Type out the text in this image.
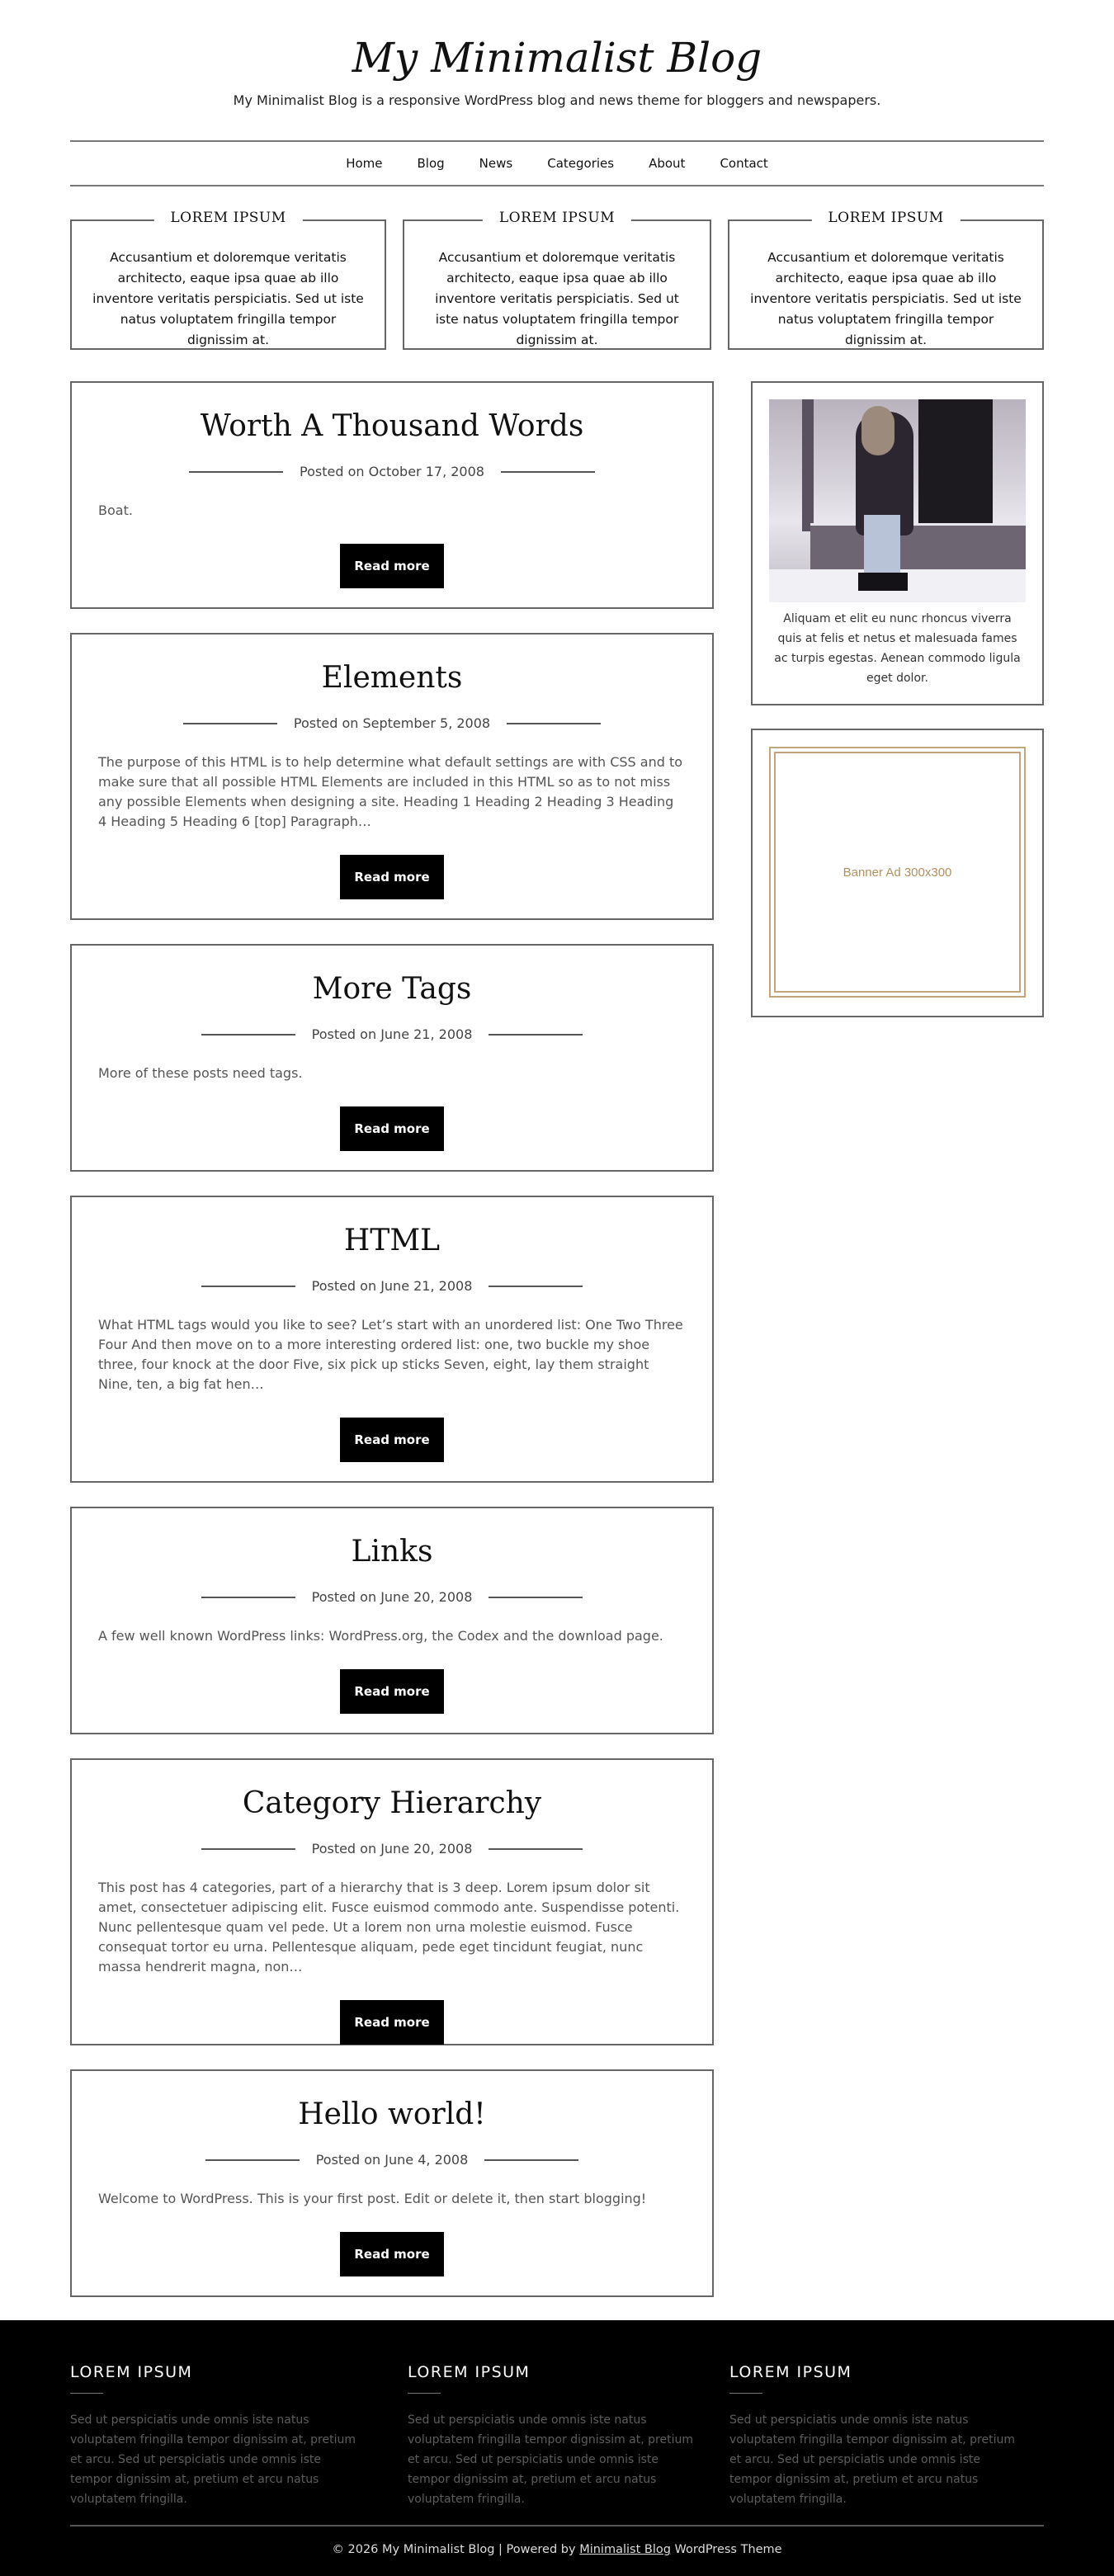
My Minimalist Blog

My Minimalist Blog is a responsive WordPress blog and news theme for bloggers and newspapers.

Home	Blog	News	Categories	About	Contact
LOREM IPSUM

Accusantium et doloremque veritatis architecto, eaque ipsa quae ab illo inventore veritatis perspiciatis. Sed ut iste natus voluptatem fringilla tempor dignissim at.

LOREM IPSUM

Accusantium et doloremque veritatis architecto, eaque ipsa quae ab illo inventore veritatis perspiciatis. Sed ut iste natus voluptatem fringilla tempor dignissim at.

LOREM IPSUM

Accusantium et doloremque veritatis architecto, eaque ipsa quae ab illo inventore veritatis perspiciatis. Sed ut iste natus voluptatem fringilla tempor dignissim at.

Worth A Thousand Words
Posted on October 17, 2008

Boat.

Read more
Elements
Posted on September 5, 2008

The purpose of this HTML is to help determine what default settings are with CSS and to make sure that all possible HTML Elements are included in this HTML so as to not miss any possible Elements when designing a site. Heading 1 Heading 2 Heading 3 Heading 4 Heading 5 Heading 6 [top] Paragraph…

Read more
More Tags
Posted on June 21, 2008

More of these posts need tags.

Read more
HTML
Posted on June 21, 2008

What HTML tags would you like to see? Let’s start with an unordered list: One Two Three Four And then move on to a more interesting ordered list: one, two buckle my shoe three, four knock at the door Five, six pick up sticks Seven, eight, lay them straight Nine, ten, a big fat hen…

Read more
Links
Posted on June 20, 2008

A few well known WordPress links: WordPress.org, the Codex and the download page.

Read more
Category Hierarchy
Posted on June 20, 2008

This post has 4 categories, part of a hierarchy that is 3 deep. Lorem ipsum dolor sit amet, consectetuer adipiscing elit. Fusce euismod commodo ante. Suspendisse potenti. Nunc pellentesque quam vel pede. Ut a lorem non urna molestie euismod. Fusce consequat tortor eu urna. Pellentesque aliquam, pede eget tincidunt feugiat, nunc massa hendrerit magna, non…

Read more
Hello world!
Posted on June 4, 2008

Welcome to WordPress. This is your first post. Edit or delete it, then start blogging!

Read more

Aliquam et elit eu nunc rhoncus viverra quis at felis et netus et malesuada fames ac turpis egestas. Aenean commodo ligula eget dolor.

Banner Ad 300x300
LOREM IPSUM

Sed ut perspiciatis unde omnis iste natus voluptatem fringilla tempor dignissim at, pretium et arcu. Sed ut perspiciatis unde omnis iste tempor dignissim at, pretium et arcu natus voluptatem fringilla.

LOREM IPSUM

Sed ut perspiciatis unde omnis iste natus voluptatem fringilla tempor dignissim at, pretium et arcu. Sed ut perspiciatis unde omnis iste tempor dignissim at, pretium et arcu natus voluptatem fringilla.

LOREM IPSUM

Sed ut perspiciatis unde omnis iste natus voluptatem fringilla tempor dignissim at, pretium et arcu. Sed ut perspiciatis unde omnis iste tempor dignissim at, pretium et arcu natus voluptatem fringilla.

© 2026 My Minimalist Blog | Powered by Minimalist Blog WordPress Theme
